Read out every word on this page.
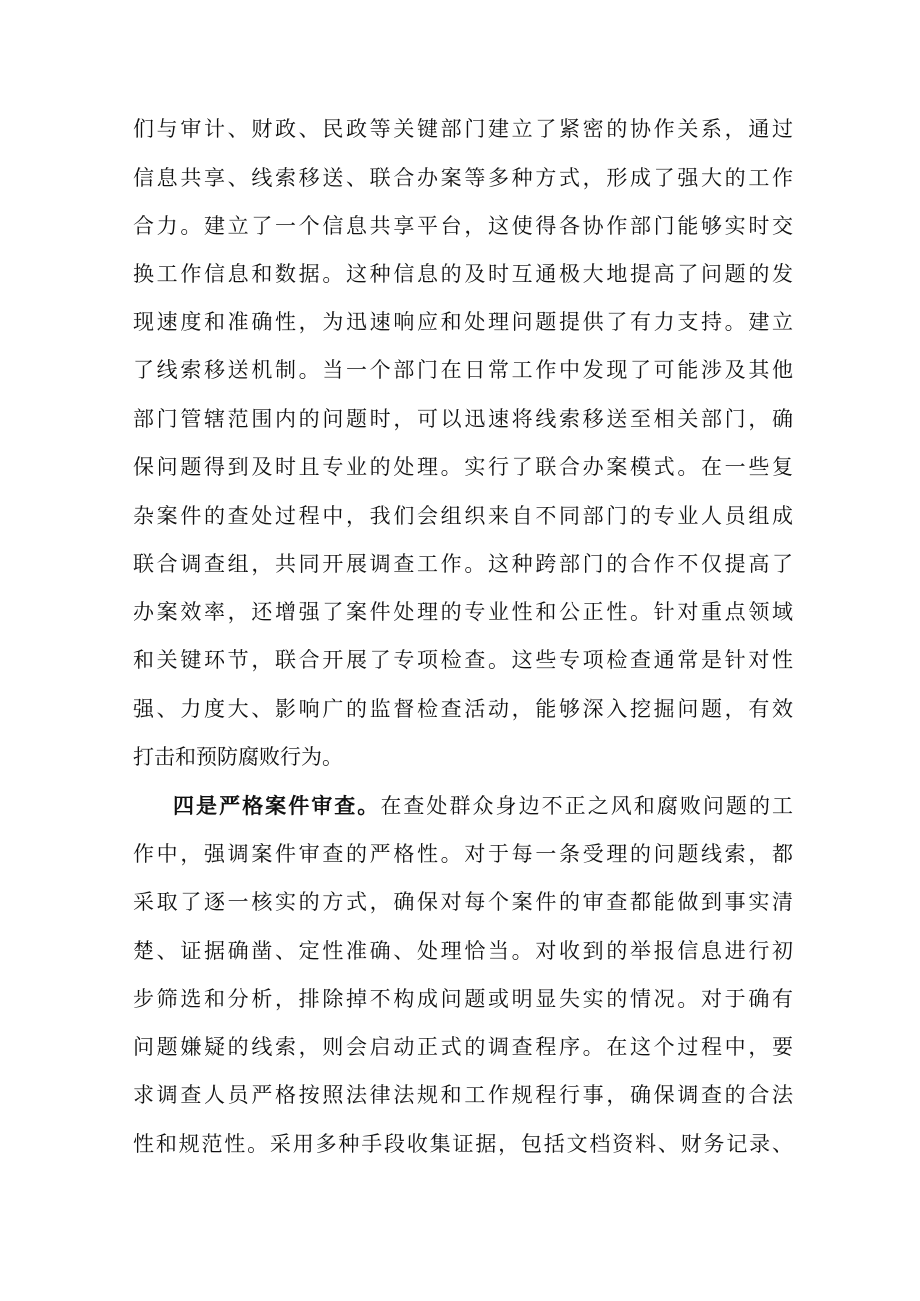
们与审计、财政、民政等关键部门建立了紧密的协作关系，通过
信息共享、线索移送、联合办案等多种方式，形成了强大的工作
合力。建立了一个信息共享平台，这使得各协作部门能够实时交
换工作信息和数据。这种信息的及时互通极大地提高了问题的发
现速度和准确性，为迅速响应和处理问题提供了有力支持。建立
了线索移送机制。当一个部门在日常工作中发现了可能涉及其他
部门管辖范围内的问题时，可以迅速将线索移送至相关部门，确
保问题得到及时且专业的处理。实行了联合办案模式。在一些复
杂案件的查处过程中，我们会组织来自不同部门的专业人员组成
联合调查组，共同开展调查工作。这种跨部门的合作不仅提高了
办案效率，还增强了案件处理的专业性和公正性。针对重点领域
和关键环节，联合开展了专项检查。这些专项检查通常是针对性
强、力度大、影响广的监督检查活动，能够深入挖掘问题，有效
打击和预防腐败行为。
四是严格案件审查。在查处群众身边不正之风和腐败问题的工
作中，强调案件审查的严格性。对于每一条受理的问题线索，都
采取了逐一核实的方式，确保对每个案件的审查都能做到事实清
楚、证据确凿、定性准确、处理恰当。对收到的举报信息进行初
步筛选和分析，排除掉不构成问题或明显失实的情况。对于确有
问题嫌疑的线索，则会启动正式的调查程序。在这个过程中，要
求调查人员严格按照法律法规和工作规程行事，确保调查的合法
性和规范性。采用多种手段收集证据，包括文档资料、财务记录、
